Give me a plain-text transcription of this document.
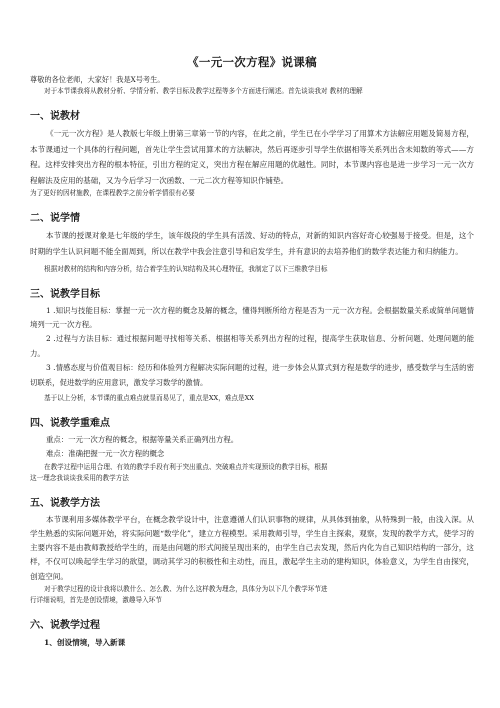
《一元一次方程》说课稿

尊敬的各位老师，大家好！我是X号考生。

对于本节课我将从教材分析、学情分析、教学目标及教学过程等多个方面进行阐述。首先谈谈我对 教材的理解

一、说教材

《一元一次方程》是人教版七年级上册第三章第一节的内容，在此之前，学生已在小学学习了用算术方法解应用题及简易方程，本节课通过一个具体的行程问题，首先让学生尝试用算术的方法解决，然后再逐步引导学生依据相等关系列出含未知数的等式——方程。这样安排突出方程的根本特征，引出方程的定义，突出方程在解应用题的优越性。同时，本节课内容也是进一步学习一元一次方程解法及应用的基础，又为今后学习一次函数、一元二次方程等知识作铺垫。

为了更好的因材施教，在课程教学之前分析学情很有必要

二、说学情

本节课的授课对象是七年级的学生，该年级段的学生具有活泼、好动的特点，对新的知识内容好奇心较强易于接受。但是，这个时期的学生认识问题不能全面周到，所以在教学中我会注意引导和启发学生，并有意识的去培养他们的数学表达能力和归纳能力。

根据对教材的结构和内容分析，结合着学生的认知结构及其心理特征，我制定了以下三维教学目标

三、说教学目标

1 .知识与技能目标：掌握一元一次方程的概念及解的概念，懂得判断所给方程是否为一元一次方程。会根据数量关系或简单问题情境列一元一次方程。

2 .过程与方法目标：通过根据问题寻找相等关系、根据相等关系列出方程的过程，提高学生获取信息、分析问题、处理问题的能力。

3 .情感态度与价值观目标：经历和体验列方程解决实际问题的过程，进一步体会从算式到方程是数学的进步，感受数学与生活的密切联系，促进数学的应用意识，激发学习数学的激情。

基于以上分析，本节课的重点难点就显而易见了，重点是XX，难点是XX

四、说教学重难点

重点：一元一次方程的概念，根据等量关系正确列出方程。

难点：准确把握一元一次方程的概念

在教学过程中运用合理、有效的教学手段有利于突出重点、突破难点并实现预设的教学目标，根据

这一理念我谈谈我采用的教学方法

五、说教学方法

本节课利用多媒体教学平台，在概念教学设计中，注意遵循人们认识事物的规律，从具体到抽象，从特殊到一般，由浅入深。从学生熟悉的实际问题开始，将实际问题“数学化”，建立方程模型。采用教师引导，学生自主探索，观察，发现的教学方式，使学习的主要内容不是由教师教授给学生的，而是由问题的形式间接呈现出来的，由学生自己去发现，然后内化为自己知识结构的一部分，这样，不仅可以唤起学生学习的欲望，调动其学习的积极性和主动性，而且，激起学生主动的建构知识，体验意义，为学生自由探究，创造空间。

对于教学过程的设计我将以教什么、怎么教、为什么这样教为理念，具体分为以下几个教学环节进

行详细说明，首先是创设情境，激趣导入环节

六、说教学过程
1、创设情境，导入新课
